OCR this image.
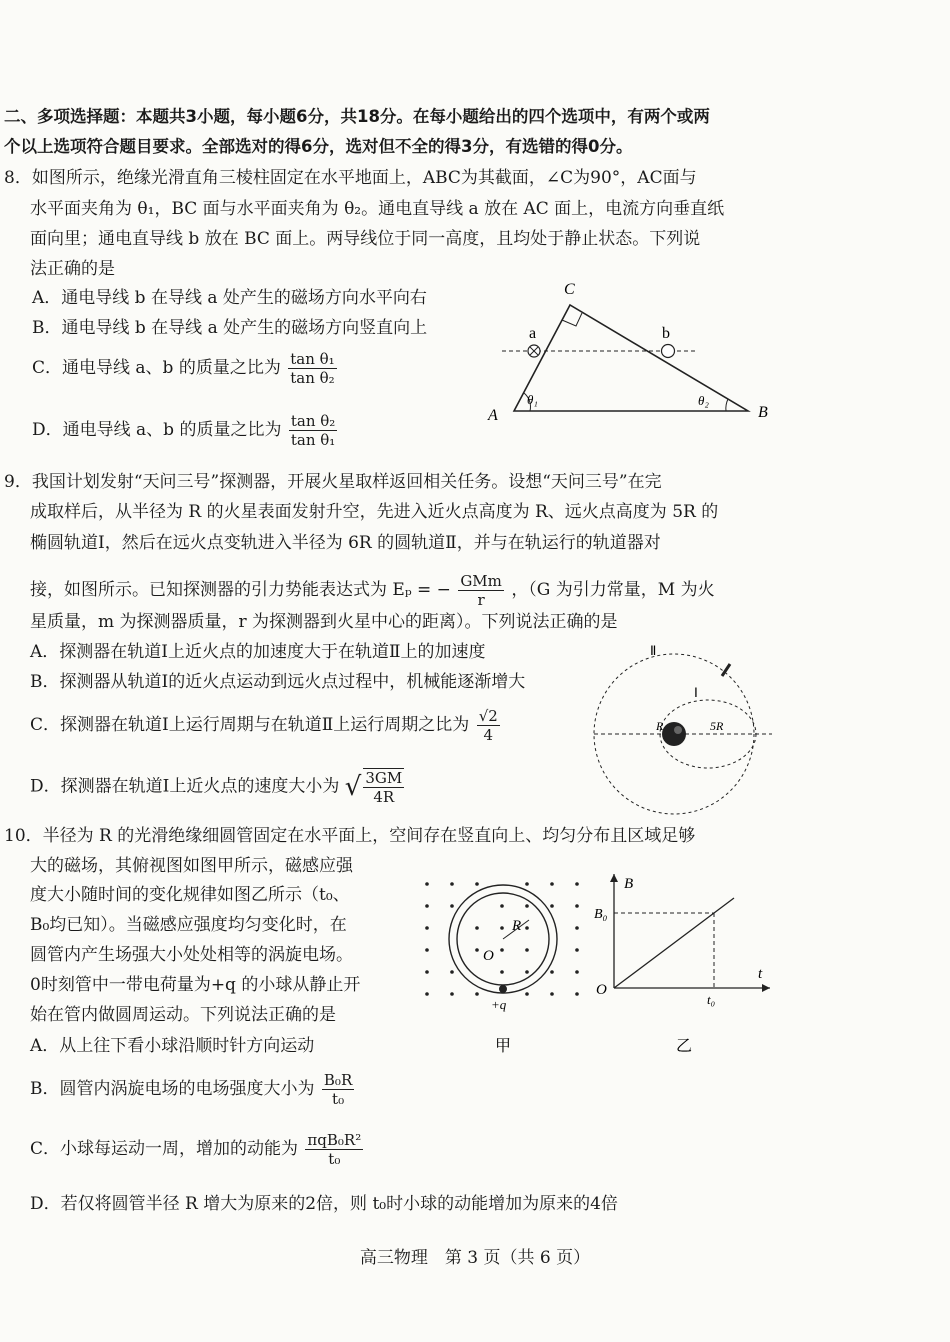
二、多项选择题：本题共3小题，每小题6分，共18分。在每小题给出的四个选项中，有两个或两
个以上选项符合题目要求。全部选对的得6分，选对但不全的得3分，有选错的得0分。
8．如图所示，绝缘光滑直角三棱柱固定在水平地面上，ABC为其截面，∠C为90°，AC面与
水平面夹角为 θ₁，BC 面与水平面夹角为 θ₂。通电直导线 a 放在 AC 面上，电流方向垂直纸
面向里；通电直导线 b 放在 BC 面上。两导线位于同一高度，且均处于静止状态。下列说
法正确的是
A．通电导线 b 在导线 a 处产生的磁场方向水平向右
B．通电导线 b 在导线 a 处产生的磁场方向竖直向上
C．通电导线 a、b 的质量之比为 $\frac{\text{tan θ₁}}{\text{tan θ₂}}$
D．通电导线 a、b 的质量之比为 $\frac{\text{tan θ₂}}{\text{tan θ₁}}$
C
A	B
a	b
θ₁	θ₂
9．我国计划发射“天问三号”探测器，开展火星取样返回相关任务。设想“天问三号”在完
成取样后，从半径为 R 的火星表面发射升空，先进入近火点高度为 R、远火点高度为 5R 的
椭圆轨道Ⅰ，然后在远火点变轨进入半径为 6R 的圆轨道Ⅱ，并与在轨运行的轨道器对
接，如图所示。已知探测器的引力势能表达式为 Eₚ = − $\frac{\text{GMm}}{r}$ ，（G 为引力常量，M 为火
星质量，m 为探测器质量，r 为探测器到火星中心的距离）。下列说法正确的是
A．探测器在轨道Ⅰ上近火点的加速度大于在轨道Ⅱ上的加速度
B．探测器从轨道Ⅰ的近火点运动到远火点过程中，机械能逐渐增大
C．探测器在轨道Ⅰ上运行周期与在轨道Ⅱ上运行周期之比为 $\frac{√2}{4}$
D．探测器在轨道Ⅰ上近火点的速度大小为 √ $\frac{3GM}{4R}$
Ⅱ
Ⅰ
R	5R
10．半径为 R 的光滑绝缘细圆管固定在水平面上，空间存在竖直向上、均匀分布且区域足够
大的磁场，其俯视图如图甲所示，磁感应强
度大小随时间的变化规律如图乙所示（t₀、
B₀均已知）。当磁感应强度均匀变化时，在
圆管内产生场强大小处处相等的涡旋电场。
0时刻管中一带电荷量为+q 的小球从静止开
始在管内做圆周运动。下列说法正确的是
A．从上往下看小球沿顺时针方向运动
B．圆管内涡旋电场的电场强度大小为 $\frac{\text{B₀R}}{\text{t₀}}$
C．小球每运动一周，增加的动能为 $\frac{\text{πqB₀R²}}{\text{t₀}}$
D．若仅将圆管半径 R 增大为原来的2倍，则 t₀时小球的动能增加为原来的4倍
R
O
+q
甲
B
B₀
O
t
t₀
乙
高三物理　第 3 页（共 6 页）
